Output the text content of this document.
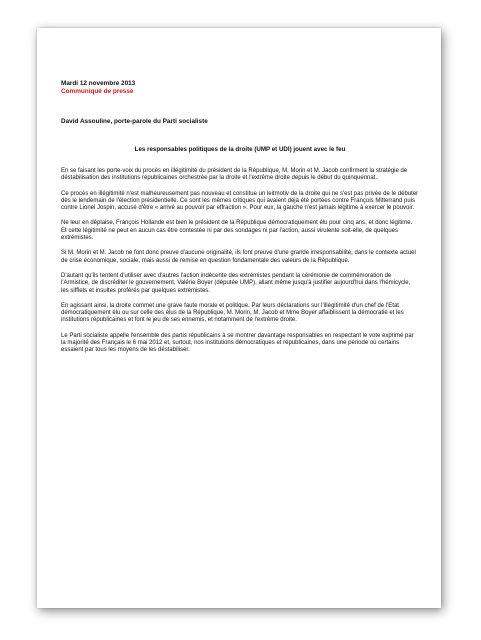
Mardi 12 novembre 2013

Communiqué de presse

David Assouline, porte-parole du Parti socialiste

Les responsables politiques de la droite (UMP et UDI) jouent avec le feu

En se faisant les porte-voix du procès en illégitimité du président de la République, M. Morin et M. Jacob confirment la stratégie de déstabilisation des institutions républicaines orchestrée par la droite et l'extrême droite depuis le début du quinquennat.

Ce procès en illégitimité n'est malheureusement pas nouveau et constitue un leitmotiv de la droite qui ne s'est pas privée de le débuter dès le lendemain de l'élection présidentielle. Ce sont les mêmes critiques qui avaient déjà été portées contre François Mitterrand puis contre Lionel Jospin, accusé d'être « arrivé au pouvoir par effraction ». Pour eux, la gauche n'est jamais légitime à exercer le pouvoir.

Ne leur en déplaise, François Hollande est bien le président de la République démocratiquement élu pour cinq ans, et donc légitime. Et cette légitimité ne peut en aucun cas être contestée ni par des sondages ni par l'action, aussi virulente soit-elle, de quelques extrémistes.

Si M. Morin et M. Jacob ne font donc preuve d'aucune originalité, ils font preuve d'une grande irresponsabilité, dans le contexte actuel de crise économique, sociale, mais aussi de remise en question fondamentale des valeurs de la République.

D'autant qu'ils tentent d'utiliser avec d'autres l'action indécente des extrémistes pendant la cérémonie de commémoration de l'Armistice, de discréditer le gouvernement, Valérie Boyer (députée UMP), allant même jusqu'à justifier aujourd'hui dans l'hémicycle, les sifflets et insultes proférés par quelques extrémistes.

En agissant ainsi, la droite commet une grave faute morale et politique. Par leurs déclarations sur l'illégitimité d'un chef de l'Etat démocratiquement élu ou sur celle des élus de la République, M. Morin, M. Jacob et Mme Boyer affaiblissent la démocratie et les institutions républicaines et font le jeu de ses ennemis, et notamment de l'extrême droite.

Le Parti socialiste appelle l'ensemble des partis républicains à se montrer davantage responsables en respectant le vote exprimé par la majorité des Français le 6 mai 2012 et, surtout, nos institutions démocratiques et républicaines, dans une période où certains essaient par tous les moyens de les déstabiliser.
